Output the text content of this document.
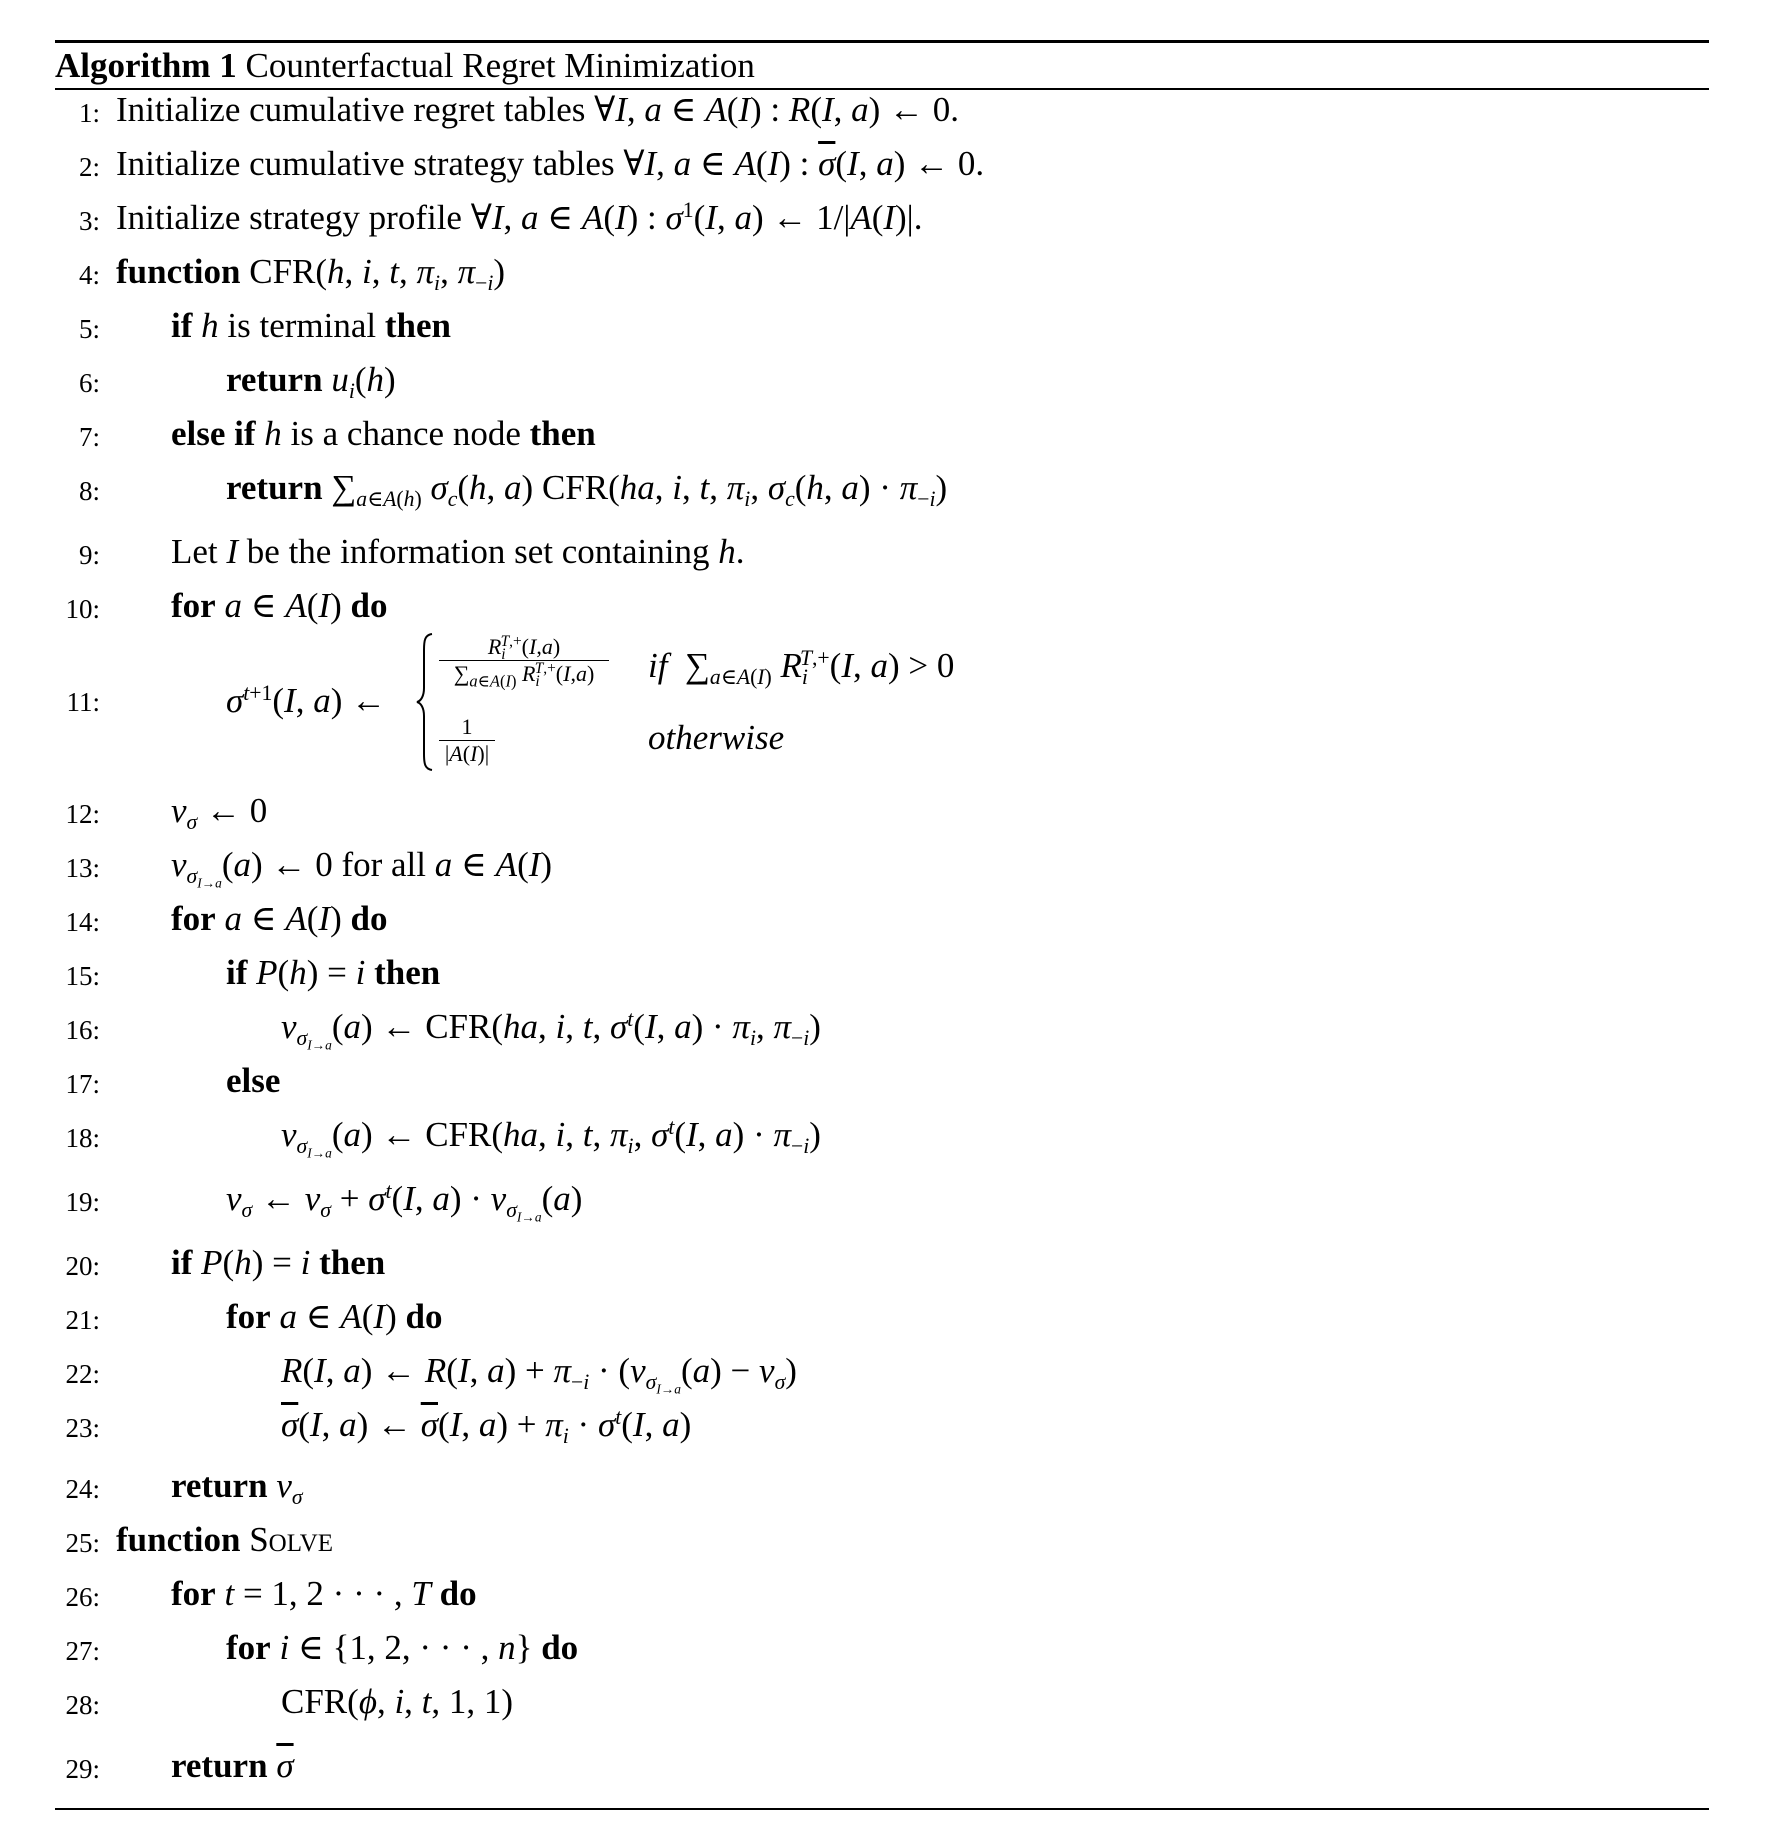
Algorithm 1 Counterfactual Regret Minimization
1:
2:
3:
4:
5:
6:
7:
8:
9:
10:
11:
12:
13:
14:
15:
16:
17:
18:
19:
20:
21:
22:
23:
24:
25:
26:
27:
28:
29:
Initialize cumulative regret tables ∀I, a ∈ A(I) : R(I, a) ← 0.
Initialize cumulative strategy tables ∀I, a ∈ A(I) : $\overline{\sigma}(I$, a) ← 0.
Initialize strategy profile ∀I, a ∈ A(I) : $\sigma^1(I$, a) ← 1/|A(I)|.
function CFR(h, i, t, $\pi_i$, $\pi_{-i}$)
if h is terminal then
return $u_i(h)$
else if h is a chance node then
return $\sum_{a\in A(h)}$ $\sigma_c(h$, a) CFR(ha, i, t, $\pi_i$, $\sigma_c(h$, $a) \cdot \pi_{-i}$)
Let I be the information set containing h.
for a ∈ A(I) do
$\sigma^{t+1}(I$, a) ←
$R_i^{T,+}(I,a)$
$\sum_{a\in A(I)}$ $R_i^{T,+}(I,a)$	if  $\sum_{a\in A(I)}$ $R_i^{T,+}(I$, a) > 0
$\frac{1}{|A(I)|}$	otherwise
$v_\sigma$ ← 0
$v_{\sigma_{I\to a}}(a)$ ← 0 for all a ∈ A(I)
for a ∈ A(I) do
if P(h) = i then
$v_{\sigma_{I\to a}}(a)$ ← CFR(ha, i, t, $\sigma^t(I$, $a) \cdot \pi_i$, $\pi_{-i}$)
else
$v_{\sigma_{I\to a}}(a)$ ← CFR(ha, i, t, $\pi_i$, $\sigma^t(I$, $a) \cdot \pi_{-i}$)
$v_\sigma$ ← $v_\sigma + \sigma^t(I$, $a) \cdot v_{\sigma_{I\to a}}(a)$
if P(h) = i then
for a ∈ A(I) do
R(I, a) ← R(I, $a) + \pi_{-i} \cdot (v_{\sigma_{I\to a}}(a) - v_\sigma)$
$\overline{\sigma}(I$, a) ← $\overline{\sigma}(I$, $a) + \pi_i \cdot \sigma^t(I$, a)
return $v_\sigma$
function Solve
for t = 1, 2 · · · , T do
for i ∈ {1, 2, · · · , n} do
CFR(ϕ, i, t, 1, 1)
return $\overline{\sigma}$
